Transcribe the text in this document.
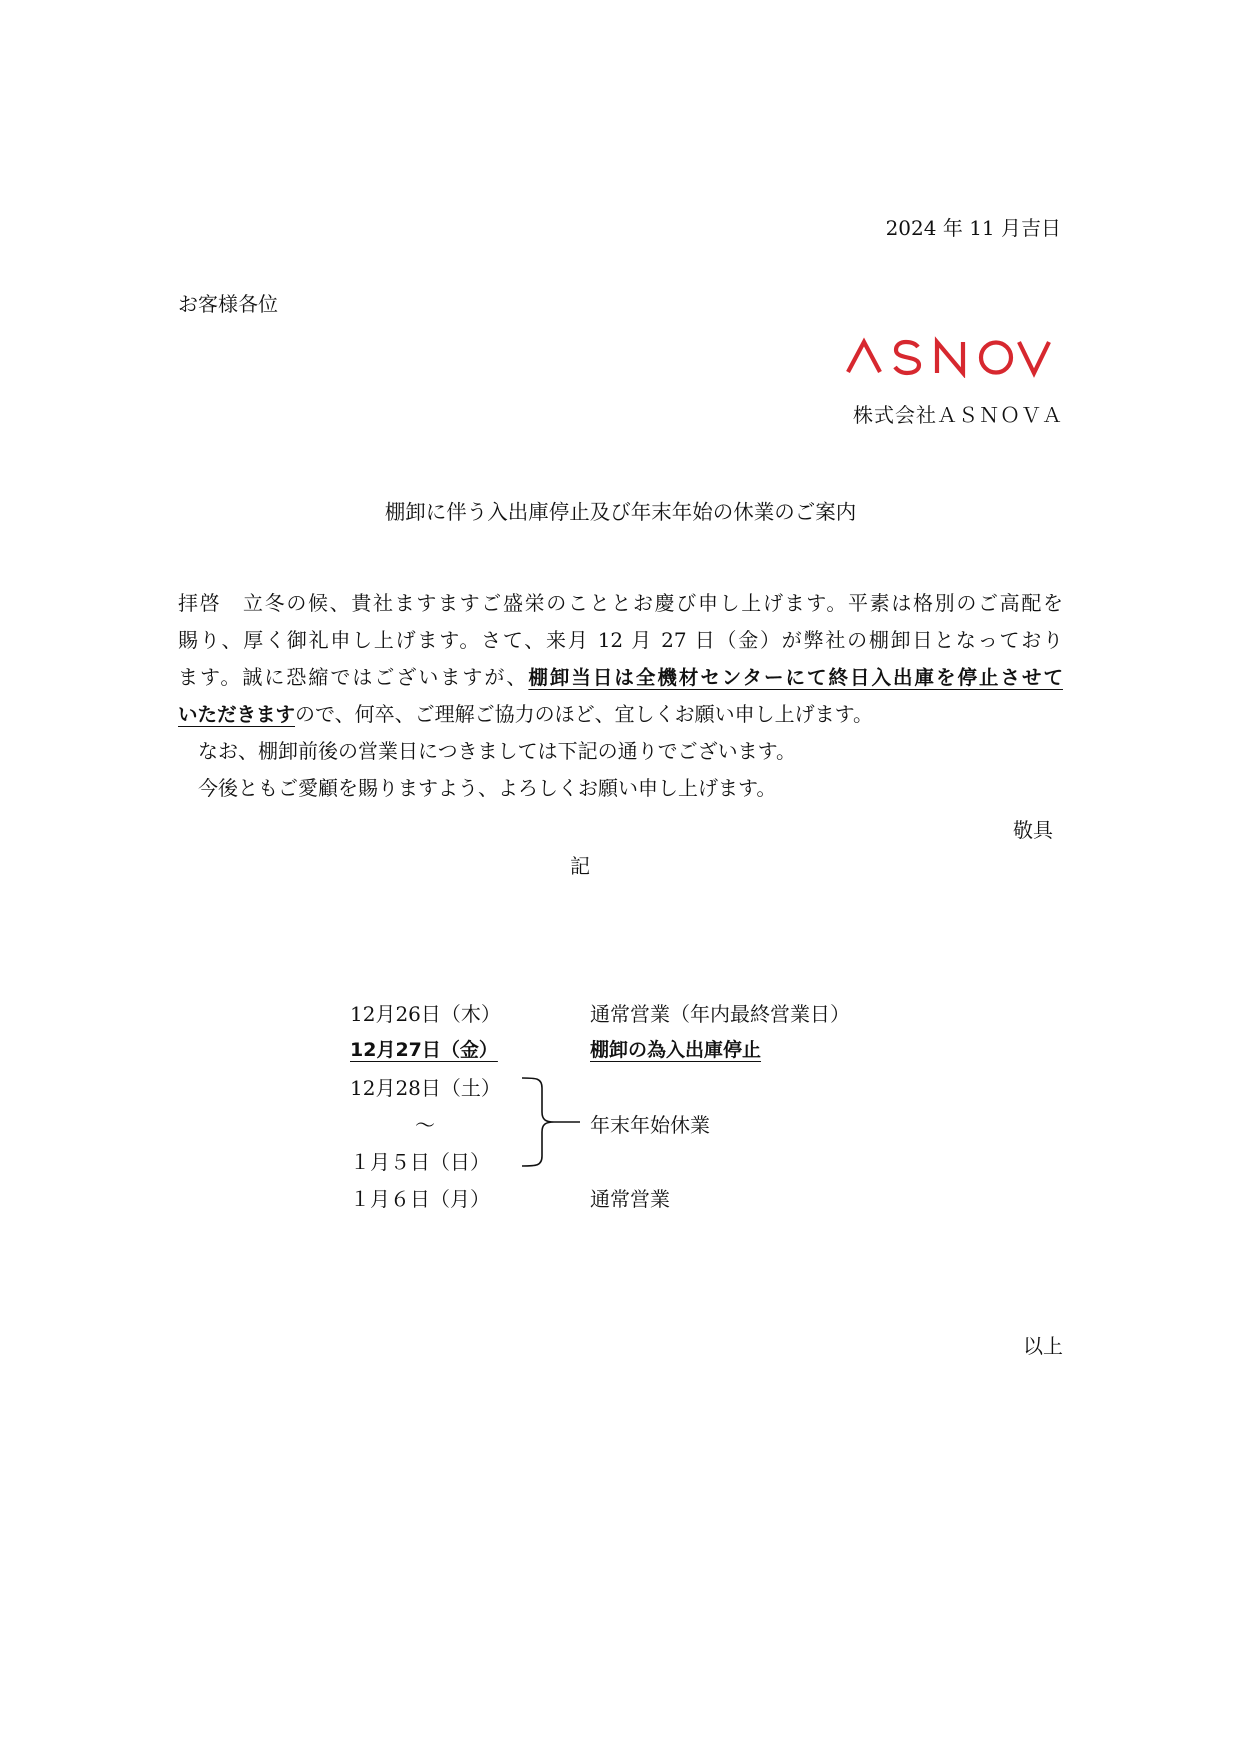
2024 年 11 月吉日
お客様各位
株式会社ＡＳＮＯＶＡ
棚卸に伴う入出庫停止及び年末年始の休業のご案内
拝啓　立冬の候、貴社ますますご盛栄のこととお慶び申し上げます。平素は格別のご高配を
賜り、厚く御礼申し上げます。さて、来月 12 月 27 日（金）が弊社の棚卸日となっており
ます。誠に恐縮ではございますが、棚卸当日は全機材センターにて終日入出庫を停止させて
いただきますので、何卒、ご理解ご協力のほど、宜しくお願い申し上げます。
なお、棚卸前後の営業日につきましては下記の通りでございます。
今後ともご愛顧を賜りますよう、よろしくお願い申し上げます。
敬具
記
12月26日（木）	通常営業（年内最終営業日）
12月27日（金）	棚卸の為入出庫停止
12月28日（土）
～	年末年始休業
１月５日（日）
１月６日（月）	通常営業
以上
